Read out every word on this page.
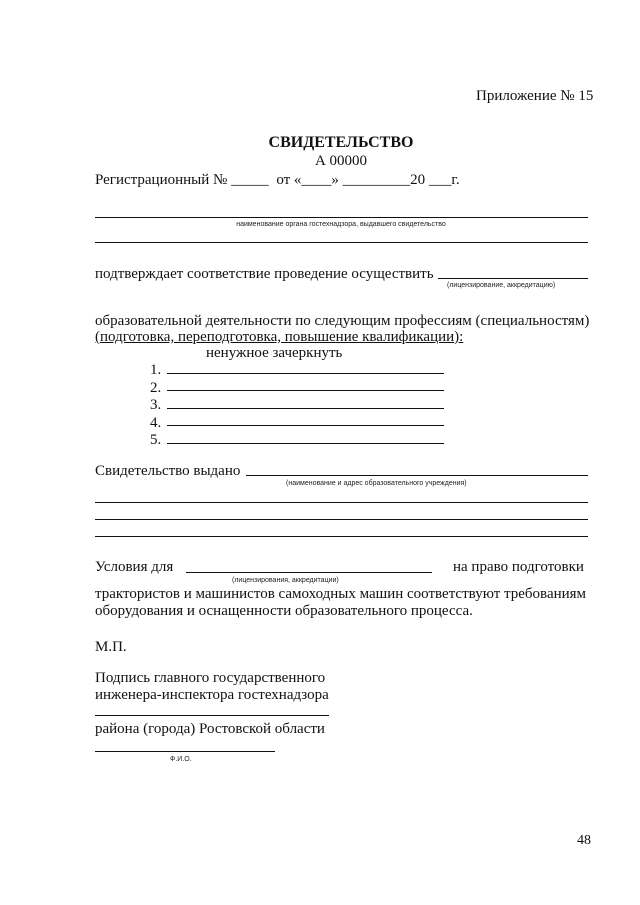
Приложение № 15
СВИДЕТЕЛЬСТВО
А 00000
Регистрационный № _____ от «____» _________20 ___г.
наименование органа гостехнадзора, выдавшего свидетельство
подтверждает соответствие проведение осуществить
(лицензирование, аккредитацию)
образовательной деятельности по следующим профессиям (специальностям)
(подготовка, переподготовка, повышение квалификации):
ненужное зачеркнуть
1.
2.
3.
4.
5.
Свидетельство выдано
(наименование и адрес образовательного учреждения)
Условия для	на право подготовки
(лицензирования, аккредитации)
трактористов и машинистов самоходных машин соответствуют требованиям
оборудования и оснащенности образовательного процесса.
М.П.
Подпись главного государственного
инженера-инспектора гостехнадзора
района (города) Ростовской области
Ф.И.О.
48
